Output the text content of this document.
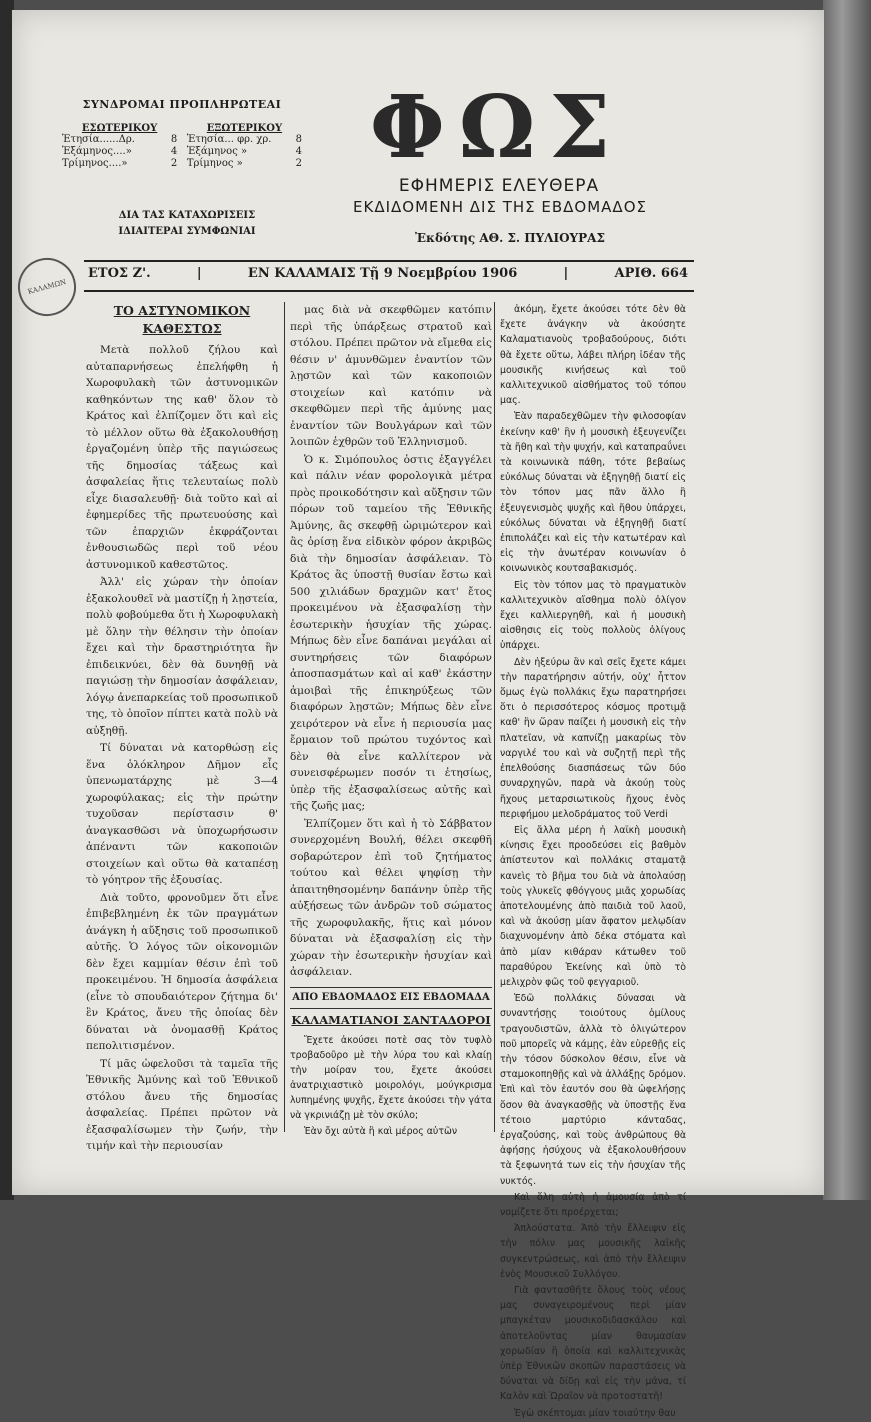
ΣΥΝΔΡΟΜΑΙ ΠΡΟΠΛΗΡΩΤΕΑΙ
ΕΣΩΤΕΡΙΚΟΥ
Ἐτησία......Δρ.	8
Ἐξάμηνος....»	4
Τρίμηνος....»	2
ΕΞΩΤΕΡΙΚΟΥ
Ἐτησία... φρ. χρ. 8
Ἐξάμηνος »	4
Τρίμηνος »	2
ΔΙΑ ΤΑΣ ΚΑΤΑΧΩΡΙΣΕΙΣ
ΙΔΙΑΙΤΕΡΑΙ ΣΥΜΦΩΝΙΑΙ
ΦΩΣ
ΕΦΗΜΕΡΙΣ ΕΛΕΥΘΕΡΑ
ΕΚΔΙΔΟΜΕΝΗ ΔΙΣ ΤΗΣ ΕΒΔΟΜΑΔΟΣ
Ἐκδότης ΑΘ. Σ. ΠΥΛΙΟΥΡΑΣ
ΚΑΛΑΜΩΝ
ΕΤΟΣ Ζ'.	|	ΕΝ ΚΑΛΑΜΑΙΣ Τῇ 9 Νοεμβρίου 1906	|	ΑΡΙΘ. 664
ΤΟ ΑΣΤΥΝΟΜΙΚΟΝ ΚΑΘΕΣΤΩΣ

Μετὰ πολλοῦ ζήλου καὶ αὐταπαρνήσεως ἐπελήφθη ἡ Χωροφυλακὴ τῶν ἀστυνομικῶν καθηκόντων της καθ' ὅλον τὸ Κράτος καὶ ἐλπίζομεν ὅτι καὶ εἰς τὸ μέλλον οὕτω θὰ ἐξακολουθήσῃ ἐργαζομένη ὑπὲρ τῆς παγιώσεως τῆς δημοσίας τάξεως καὶ ἀσφαλείας ἥτις τελευταίως πολὺ εἶχε διασαλευθῇ· διὰ τοῦτο καὶ αἱ ἐφημερίδες τῆς πρωτευούσης καὶ τῶν ἐπαρχιῶν ἐκφράζονται ἐνθουσιωδῶς περὶ τοῦ νέου ἀστυνομικοῦ καθεστῶτος.

Ἀλλ' εἰς χώραν τὴν ὁποίαν ἐξακολουθεῖ νὰ μαστίζῃ ἡ λῃστεία, πολὺ φοβούμεθα ὅτι ἡ Χωροφυλακὴ μὲ ὅλην τὴν θέλησιν τὴν ὁποίαν ἔχει καὶ τὴν δραστηριότητα ἣν ἐπιδεικνύει, δὲν θὰ δυνηθῇ νὰ παγιώσῃ τὴν δημοσίαν ἀσφάλειαν, λόγῳ ἀνεπαρκείας τοῦ προσωπικοῦ της, τὸ ὁποῖον πίπτει κατὰ πολὺ νὰ αὐξηθῇ.

Τί δύναται νὰ κατορθώσῃ εἰς ἕνα ὁλόκληρον Δῆμον εἷς ὑπενωματάρχης μὲ 3—4 χωροφύλακας; εἰς τὴν πρώτην τυχοῦσαν περίστασιν θ' ἀναγκασθῶσι νὰ ὑποχωρήσωσιν ἀπέναντι τῶν κακοποιῶν στοιχείων καὶ οὕτω θὰ καταπέσῃ τὸ γόητρον τῆς ἐξουσίας.

Διὰ τοῦτο, φρονοῦμεν ὅτι εἶνε ἐπιβεβλημένη ἐκ τῶν πραγμάτων ἀνάγκη ἡ αὔξησις τοῦ προσωπικοῦ αὐτῆς. Ὁ λόγος τῶν οἰκονομιῶν δὲν ἔχει καμμίαν θέσιν ἐπὶ τοῦ προκειμένου. Ἡ δημοσία ἀσφάλεια (εἶνε τὸ σπουδαιότερον ζήτημα δι' ἓν Κράτος, ἄνευ τῆς ὁποίας δὲν δύναται νὰ ὀνομασθῇ Κράτος πεπολιτισμένον.

Τί μᾶς ὠφελοῦσι τὰ ταμεῖα τῆς Ἐθνικῆς Ἀμύνης καὶ τοῦ Ἐθνικοῦ στόλου ἄνευ τῆς δημοσίας ἀσφαλείας. Πρέπει πρῶτον νὰ ἐξασφαλίσωμεν τὴν ζωήν, τὴν τιμήν καὶ τὴν περιουσίαν

μας διὰ νὰ σκεφθῶμεν κατόπιν περὶ τῆς ὑπάρξεως στρατοῦ καὶ στόλου. Πρέπει πρῶτον νὰ εἴμεθα εἰς θέσιν ν' ἀμυνθῶμεν ἐναντίον τῶν λῃστῶν καὶ τῶν κακοποιῶν στοιχείων καὶ κατόπιν νὰ σκεφθῶμεν περὶ τῆς ἀμύνης μας ἐναντίον τῶν Βουλγάρων καὶ τῶν λοιπῶν ἐχθρῶν τοῦ Ἑλληνισμοῦ.

Ὁ κ. Σιμόπουλος ὁστις ἐξαγγέλει καὶ πάλιν νέαν φορολογικὰ μέτρα πρὸς προικοδότησιν καὶ αὔξησιν τῶν πόρων τοῦ ταμείου τῆς Ἐθνικῆς Ἀμύνης, ἂς σκεφθῇ ὡριμώτερον καὶ ἂς ὁρίσῃ ἕνα εἰδικὸν φόρον ἀκριβῶς διὰ τὴν δημοσίαν ἀσφάλειαν. Τὸ Κράτος ἂς ὑποστῇ θυσίαν ἔστω καὶ 500 χιλιάδων δραχμῶν κατ' ἔτος προκειμένου νὰ ἐξασφαλίσῃ τὴν ἐσωτερικὴν ἡσυχίαν τῆς χώρας. Μήπως δὲν εἶνε δαπάναι μεγάλαι αἱ συντηρήσεις τῶν διαφόρων ἀποσπασμάτων καὶ αἱ καθ' ἑκάστην ἀμοιβαὶ τῆς ἐπικηρύξεως τῶν διαφόρων λῃστῶν; Μήπως δὲν εἶνε χειρότερον νὰ εἶνε ἡ περιουσία μας ἔρμαιον τοῦ πρώτου τυχόντος καὶ δὲν θὰ εἶνε καλλίτερον νὰ συνεισφέρωμεν ποσόν τι ἐτησίως, ὑπὲρ τῆς ἐξασφαλίσεως αὐτῆς καὶ τῆς ζωῆς μας;

Ἐλπίζομεν ὅτι καὶ ἡ τὸ Σάββατον συνερχομένη Βουλή, θέλει σκεφθῆ σοβαρώτερον ἐπὶ τοῦ ζητήματος τούτου καὶ θέλει ψηφίσῃ τὴν ἀπαιτηθησομένην δαπάνην ὑπὲρ τῆς αὐξήσεως τῶν ἀνδρῶν τοῦ σώματος τῆς χωροφυλακῆς, ἥτις καὶ μόνον δύναται νὰ ἐξασφαλίσῃ εἰς τὴν χώραν τὴν ἐσωτερικὴν ἡσυχίαν καὶ ἀσφάλειαν.

ΑΠΟ ΕΒΔΟΜΑΔΟΣ ΕΙΣ ΕΒΔΟΜΑΔΑ
ΚΑΛΑΜΑΤΙΑΝΟΙ ΣΑΝΤΑΔΟΡΟΙ

Ἔχετε ἀκούσει ποτὲ σας τὸν τυφλὸ τροβαδοῦρο μὲ τὴν λύρα του καὶ κλαίῃ τὴν μοίραν του, ἔχετε ἀκούσει ἀνατριχιαστικὸ μοιρολόγι, μούγκρισμα λυπημένης ψυχῆς, ἔχετε ἀκούσει τὴν γάτα νὰ γκρινιάζῃ μὲ τὸν σκύλο;

Ἐὰν ὄχι αὐτὰ ἢ καὶ μέρος αὐτῶν

ἀκόμη, ἔχετε ἀκούσει τότε δὲν θὰ ἔχετε ἀνάγκην νὰ ἀκούσητε Καλαματιανοὺς τροβαδούρους, διότι θὰ ἔχετε οὕτω, λάβει πλήρη ἰδέαν τῆς μουσικῆς κινήσεως καὶ τοῦ καλλιτεχνικοῦ αἰσθήματος τοῦ τόπου μας.

Ἐὰν παραδεχθῶμεν τὴν φιλοσοφίαν ἐκείνην καθ' ἣν ἡ μουσικὴ ἐξευγενίζει τὰ ἤθη καὶ τὴν ψυχήν, καὶ καταπραΰνει τὰ κοινωνικὰ πάθη, τότε βεβαίως εὐκόλως δύναται νὰ ἐξηγηθῇ διατί εἰς τὸν τόπον μας πᾶν ἄλλο ἢ ἐξευγενισμὸς ψυχῆς καὶ ἤθου ὑπάρχει, εὐκόλως δύναται νὰ ἐξηγηθῇ διατί ἐπιπολάζει καὶ εἰς τὴν κατωτέραν καὶ εἰς τὴν ἀνωτέραν κοινωνίαν ὁ κοινωνικὸς κουτσαβακισμός.

Εἰς τὸν τόπον μας τὸ πραγματικὸν καλλιτεχνικὸν αἴσθημα πολὺ ὀλίγον ἔχει καλλιεργηθῆ, καὶ ἡ μουσικὴ αἰσθησις εἰς τοὺς πολλοὺς ὀλίγους ὑπάρχει.

Δὲν ἠξεύρω ἂν καὶ σεῖς ἔχετε κάμει τὴν παρατήρησιν αὐτήν, οὐχ' ἧττον ὅμως ἐγὼ πολλάκις ἔχω παρατηρήσει ὅτι ὁ περισσότερος κόσμος προτιμᾷ καθ' ἣν ὥραν παίζει ἡ μουσικὴ εἰς τὴν πλατεῖαν, νὰ καπνίζῃ μακαρίως τὸν ναργιλέ του καὶ νὰ συζητῇ περὶ τῆς ἐπελθούσης διασπάσεως τῶν δύο συναρχηγῶν, παρὰ νὰ ἀκούῃ τοὺς ἤχους μεταρσιωτικοὺς ἤχους ἑνὸς περιφήμου μελοδράματος τοῦ Verdi

Εἰς ἄλλα μέρη ἡ λαϊκὴ μουσικὴ κίνησις ἔχει προοδεύσει εἰς βαθμὸν ἀπίστευτον καὶ πολλάκις σταματᾷ κανεὶς τὸ βῆμα του διὰ νὰ ἀπολαύσῃ τοὺς γλυκεῖς φθόγγους μιᾶς χορωδίας ἀποτελουμένης ἀπὸ παιδιὰ τοῦ λαοῦ, καὶ νὰ ἀκούσῃ μίαν ἄφατον μελῳδίαν διαχυνομένην ἀπὸ δέκα στόματα καὶ ἀπὸ μίαν κιθάραν κάτωθεν τοῦ παραθύρου Ἐκείνης καὶ ὑπὸ τὸ μελιχρὸν φῶς τοῦ φεγγαριοῦ.

Ἐδῶ πολλάκις δύνασαι νὰ συναντήσῃς τοιούτους ὁμίλους τραγουδιστῶν, ἀλλὰ τὸ ὀλιγώτερον ποῦ μπορεῖς νὰ κάμῃς, ἐὰν εὑρεθῇς εἰς τὴν τόσον δύσκολον θέσιν, εἶνε νὰ σταμοκοπηθῇς καὶ νὰ ἀλλάξῃς δρόμον. Ἐπὶ καὶ τὸν ἑαυτόν σου θὰ ὠφελήσῃς ὅσον θὰ ἀναγκασθῇς νὰ ὑποστῇς ἕνα τέτοιο μαρτύριο κάνταδας, ἐργαζούσης, καὶ τοὺς ἀνθρώπους θὰ ἀφήσῃς ἡσύχους νὰ ἐξακολουθήσουν τὰ ξεφωνητά των εἰς τὴν ἡσυχίαν τῆς νυκτός.

Καὶ ὅλη αὐτὴ ἡ ἀμουσία ἀπὸ τί νομίζετε ὅτι προέρχεται;

Ἁπλούστατα. Ἀπὸ τὴν ἔλλειψιν εἰς τὴν πόλιν μας μουσικῆς λαϊκῆς συγκεντρώσεως, καὶ ἀπὸ τὴν ἔλλειψιν ἑνὸς Μουσικοῦ Συλλόγου.

Γιὰ φαντασθῆτε ὅλους τοὺς νέους μας συναγειρομένους περὶ μίαν μπαγκέταν μουσικοδιδασκάλου καὶ ἀποτελοῦντας μίαν θαυμασίαν χορωδίαν ἢ ὁποία καὶ καλλιτεχνικὰς ὑπὲρ Ἐθνικῶν σκοπῶν παραστάσεις νὰ δύναται νὰ δίδῃ καὶ εἰς τὴν μάνα, τί Καλὸν καὶ Ὡραῖον νὰ προτοστατῆ!

Ἐγὼ σκέπτομαι μίαν τοιαύτην θαυ
